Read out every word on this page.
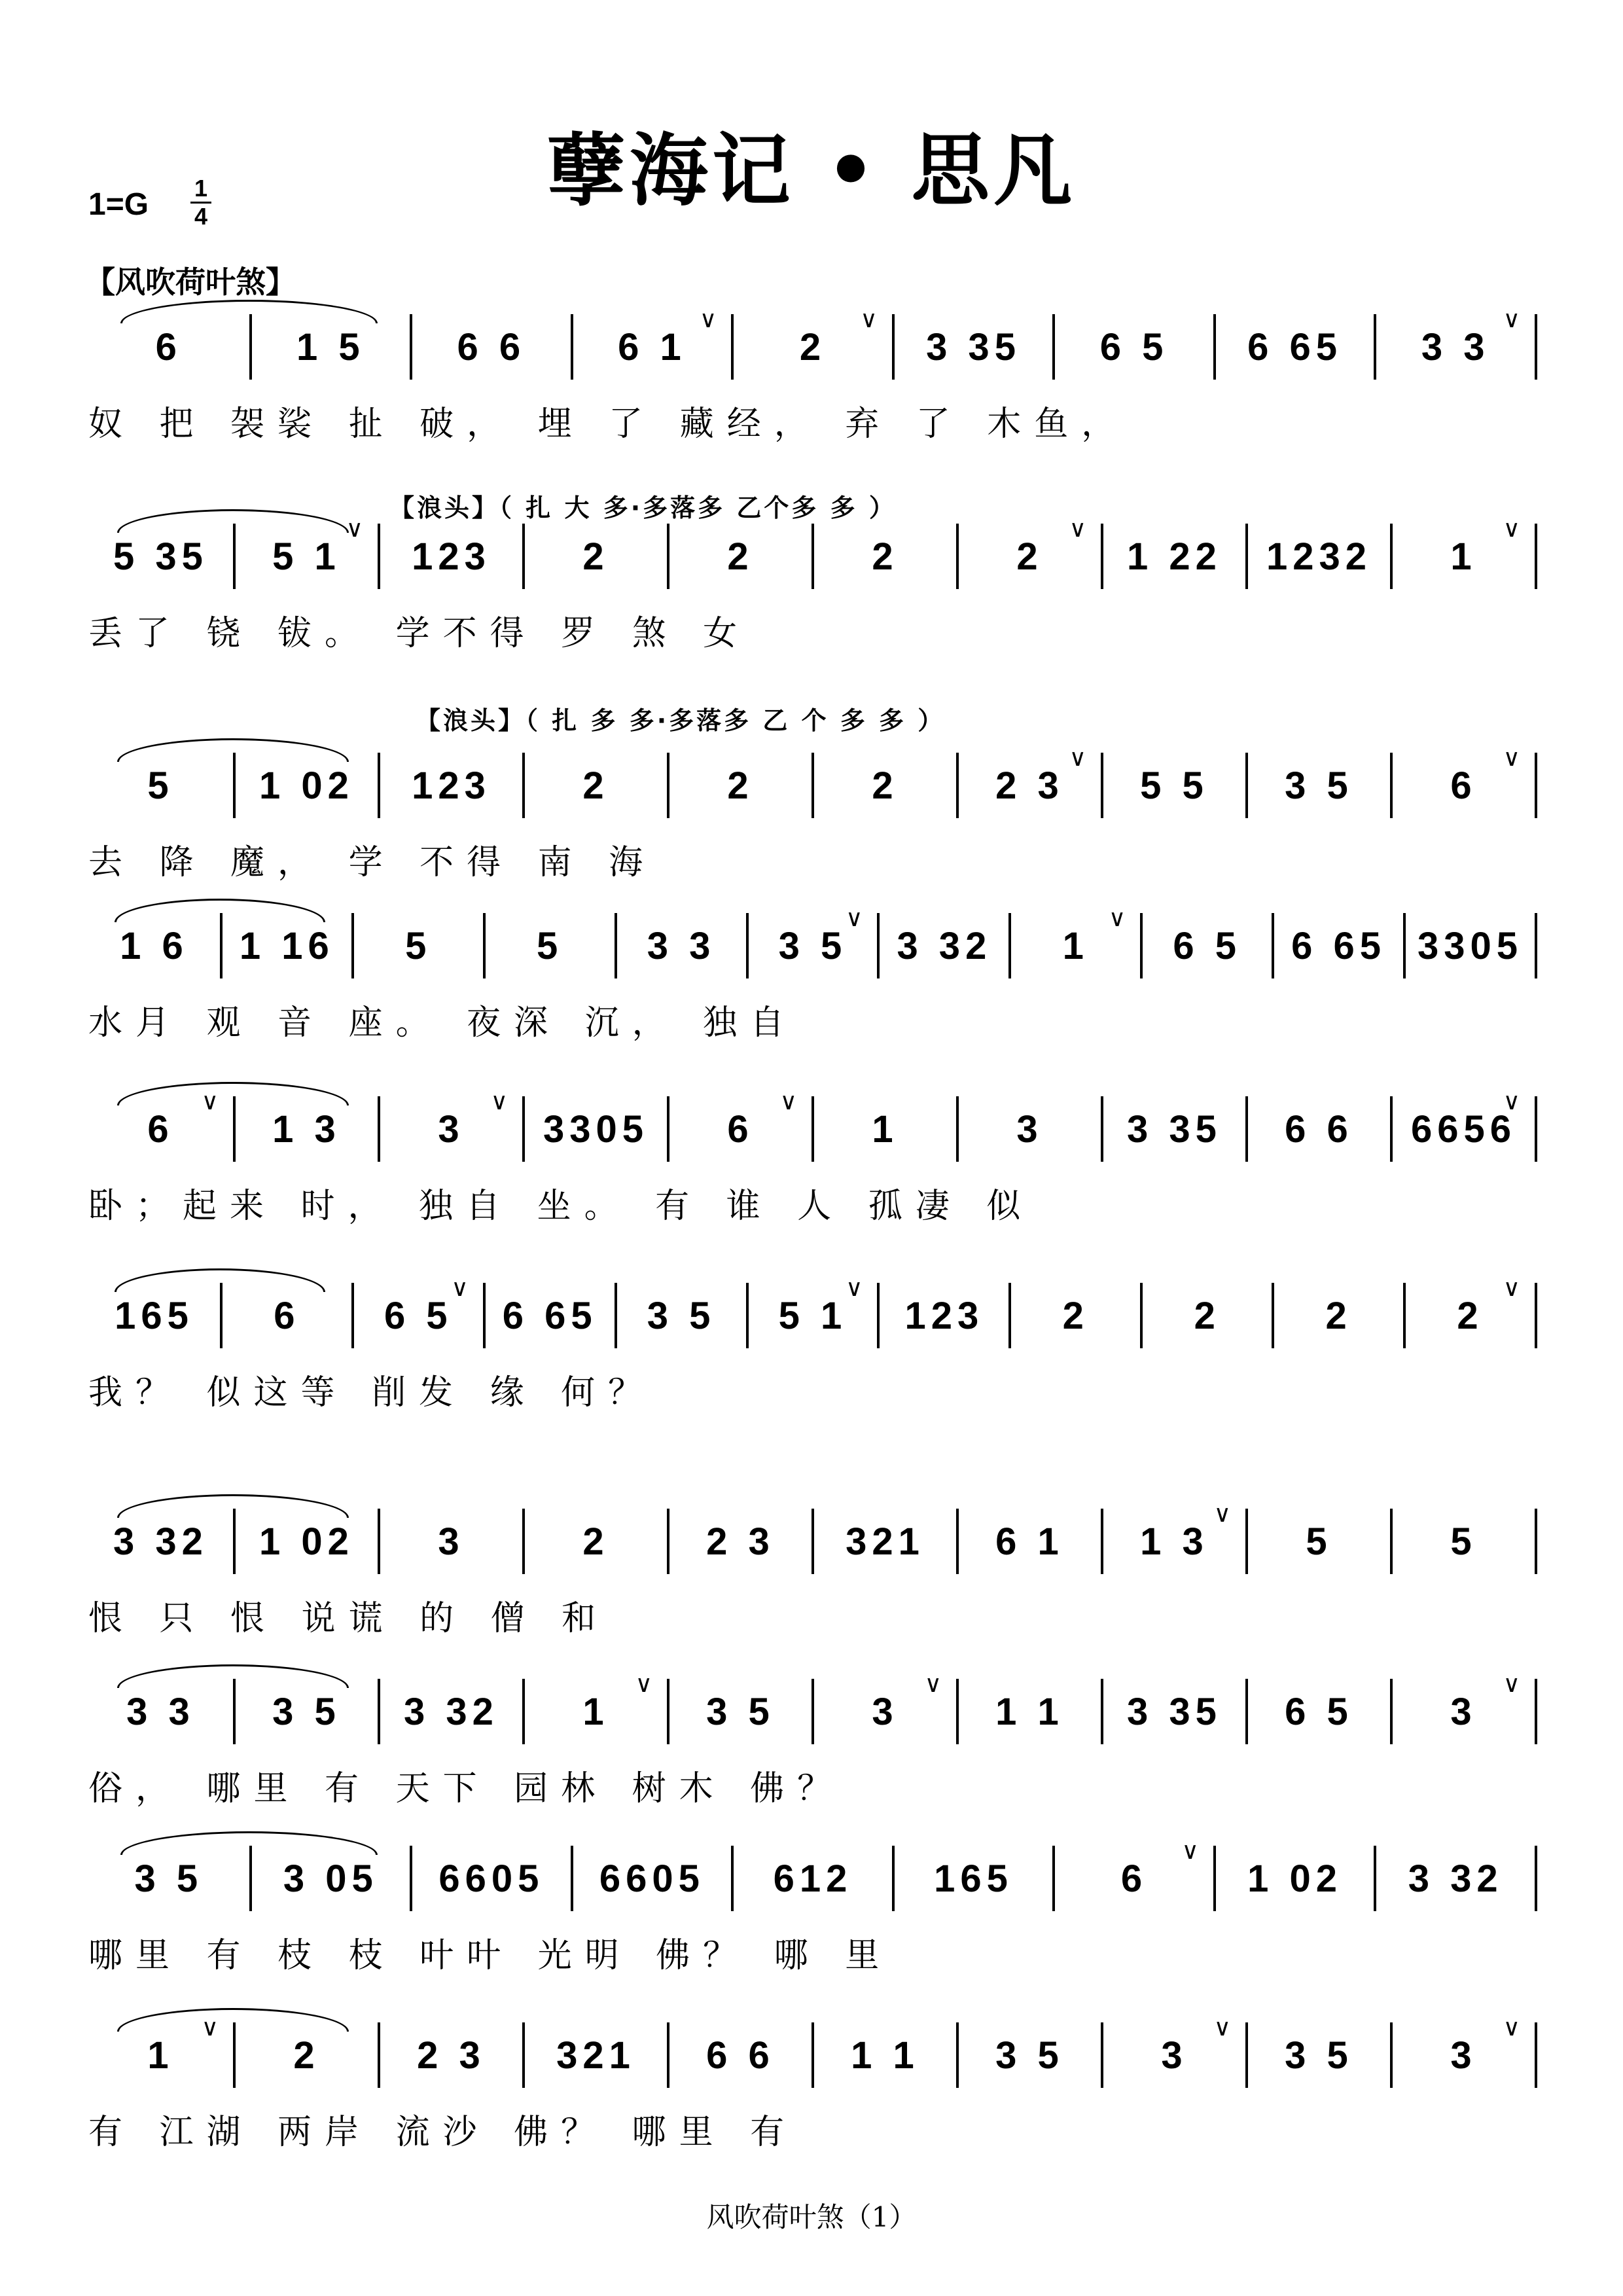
孽海记 • 思凡
1=G 1
4
【风吹荷叶煞】
6	1 5 6 6 6 1
∨
2
∨
3 35 6 5 6 65 3 3
∨
奴 把 袈裟 扯 破， 埋 了 藏经， 弃 了 木鱼，
【浪头】（ 扎 大 多·多落多 乙个多 多 ）
5 35 5 1
∨
123 2	2	2	2
∨
1 22 1232 1
∨
丢了 铙 钹。 学不得 罗 煞 女
【浪头】（ 扎 多 多·多落多 乙 个 多 多 ）
5 1 02 123 2	2	2	2 3
∨
5 5 3 5	6
∨
去 降 魔， 学 不得 南 海
1 6 1 16 5	5 3 3 3 5
∨
3 32 1
∨
6 5 6 65 3305
水月 观 音 座。 夜深 沉， 独自
6
∨
1 3	3
∨
3305 6
∨
1	3 3 35 6 6 6656
∨
卧；起来 时， 独自 坐。 有 谁 人 孤凄 似
165 6 6 5
∨
6 65 3 5 5 1
∨
123 2	2	2	2
∨
我？ 似这等 削发 缘 何？
3 32 1 02 3	2	2 3 321 6 1 1 3
∨
5	5
恨 只 恨 说谎 的 僧 和
3 3 3 5 3 32 1
∨
3 5	3
∨
1 1 3 35 6 5	3
∨
俗， 哪里 有 天下 园林 树木 佛？
3 5 3 05 6605 6605 612 165	6
∨
1 02 3 32
哪里 有 枝 枝 叶叶 光明 佛？ 哪 里
1
∨
2	2 3 321 6 6 1 1 3 5	3
∨
3 5	3
∨
有 江湖 两岸 流沙 佛？ 哪里 有
风吹荷叶煞（1）
